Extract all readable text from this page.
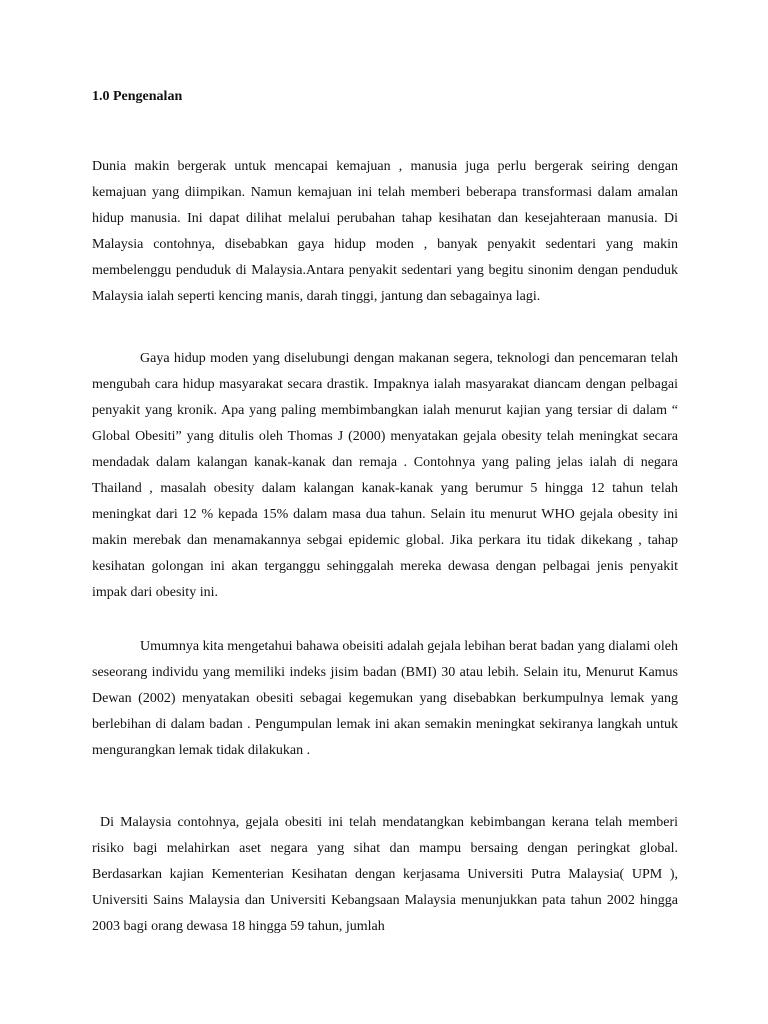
1.0 Pengenalan

Dunia makin bergerak untuk mencapai kemajuan , manusia juga perlu bergerak seiring dengan kemajuan yang diimpikan. Namun kemajuan ini telah memberi beberapa transformasi dalam amalan hidup manusia. Ini dapat dilihat melalui perubahan tahap kesihatan dan kesejahteraan manusia. Di Malaysia contohnya, disebabkan gaya hidup moden , banyak penyakit sedentari yang makin membelenggu penduduk di Malaysia.Antara penyakit sedentari yang begitu sinonim dengan penduduk Malaysia ialah seperti kencing manis, darah tinggi, jantung dan sebagainya lagi.

Gaya hidup moden yang diselubungi dengan makanan segera, teknologi dan pencemaran telah mengubah cara hidup masyarakat secara drastik. Impaknya ialah masyarakat diancam dengan pelbagai penyakit yang kronik. Apa yang paling membimbangkan ialah menurut kajian yang tersiar di dalam “ Global Obesiti” yang ditulis oleh Thomas J (2000) menyatakan gejala obesity telah meningkat secara mendadak dalam kalangan kanak-kanak dan remaja . Contohnya yang paling jelas ialah di negara Thailand , masalah obesity dalam kalangan kanak-kanak yang berumur 5 hingga 12 tahun telah meningkat dari 12 % kepada 15% dalam masa dua tahun. Selain itu menurut WHO gejala obesity ini makin merebak dan menamakannya sebgai epidemic global. Jika perkara itu tidak dikekang , tahap kesihatan golongan ini akan terganggu sehinggalah mereka dewasa dengan pelbagai jenis penyakit impak dari obesity ini.

Umumnya kita mengetahui bahawa obeisiti adalah gejala lebihan berat badan yang dialami oleh seseorang individu yang memiliki indeks jisim badan (BMI) 30 atau lebih. Selain itu, Menurut Kamus Dewan (2002) menyatakan obesiti sebagai kegemukan yang disebabkan berkumpulnya lemak yang berlebihan di dalam badan . Pengumpulan lemak ini akan semakin meningkat sekiranya langkah untuk mengurangkan lemak tidak dilakukan .

Di Malaysia contohnya, gejala obesiti ini telah mendatangkan kebimbangan kerana telah memberi risiko bagi melahirkan aset negara yang sihat dan mampu bersaing dengan peringkat global. Berdasarkan kajian Kementerian Kesihatan dengan kerjasama Universiti Putra Malaysia( UPM ), Universiti Sains Malaysia dan Universiti Kebangsaan Malaysia menunjukkan pata tahun 2002 hingga 2003 bagi orang dewasa 18 hingga 59 tahun, jumlah
